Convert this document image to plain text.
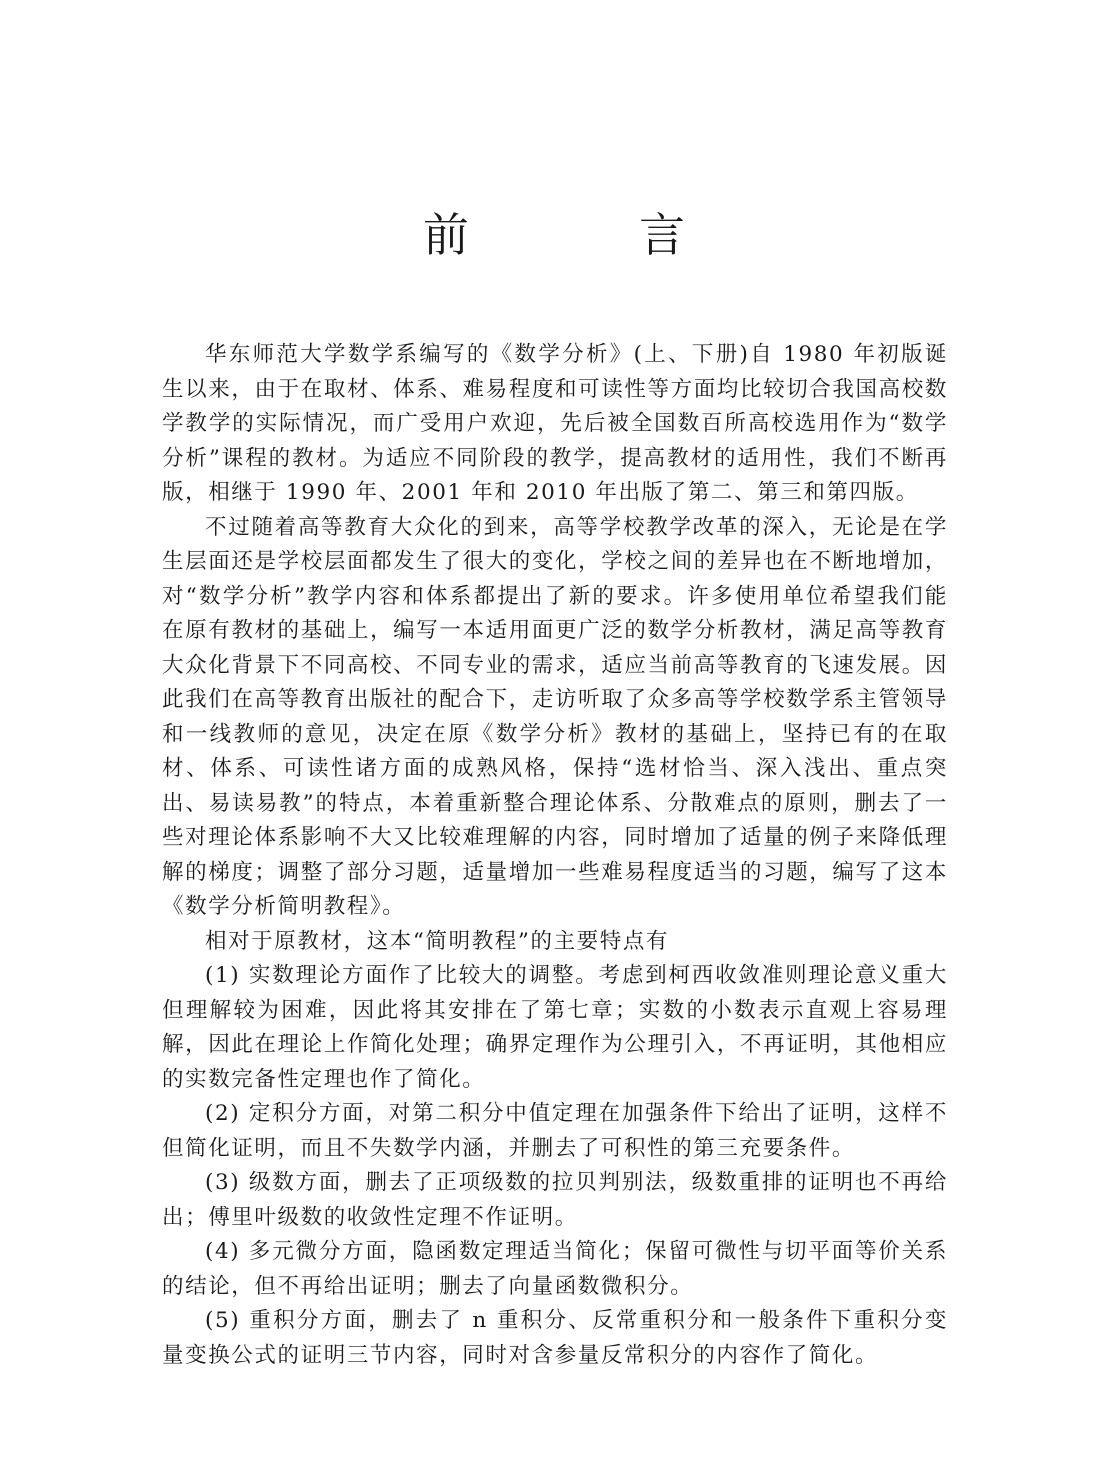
前　言

华东师范大学数学系编写的《数学分析》(上、下册)自 1980 年初版诞生以来，由于在取材、体系、难易程度和可读性等方面均比较切合我国高校数学教学的实际情况，而广受用户欢迎，先后被全国数百所高校选用作为“数学分析”课程的教材。为适应不同阶段的教学，提高教材的适用性，我们不断再版，相继于 1990 年、2001 年和 2010 年出版了第二、第三和第四版。

不过随着高等教育大众化的到来，高等学校教学改革的深入，无论是在学生层面还是学校层面都发生了很大的变化，学校之间的差异也在不断地增加，对“数学分析”教学内容和体系都提出了新的要求。许多使用单位希望我们能在原有教材的基础上，编写一本适用面更广泛的数学分析教材，满足高等教育大众化背景下不同高校、不同专业的需求，适应当前高等教育的飞速发展。因此我们在高等教育出版社的配合下，走访听取了众多高等学校数学系主管领导和一线教师的意见，决定在原《数学分析》教材的基础上，坚持已有的在取材、体系、可读性诸方面的成熟风格，保持“选材恰当、深入浅出、重点突出、易读易教”的特点，本着重新整合理论体系、分散难点的原则，删去了一些对理论体系影响不大又比较难理解的内容，同时增加了适量的例子来降低理解的梯度；调整了部分习题，适量增加一些难易程度适当的习题，编写了这本《数学分析简明教程》。

相对于原教材，这本“简明教程”的主要特点有

(1) 实数理论方面作了比较大的调整。考虑到柯西收敛准则理论意义重大但理解较为困难，因此将其安排在了第七章；实数的小数表示直观上容易理解，因此在理论上作简化处理；确界定理作为公理引入，不再证明，其他相应的实数完备性定理也作了简化。

(2) 定积分方面，对第二积分中值定理在加强条件下给出了证明，这样不但简化证明，而且不失数学内涵，并删去了可积性的第三充要条件。

(3) 级数方面，删去了正项级数的拉贝判别法，级数重排的证明也不再给出；傅里叶级数的收敛性定理不作证明。

(4) 多元微分方面，隐函数定理适当简化；保留可微性与切平面等价关系的结论，但不再给出证明；删去了向量函数微积分。

(5) 重积分方面，删去了 n 重积分、反常重积分和一般条件下重积分变量变换公式的证明三节内容，同时对含参量反常积分的内容作了简化。
